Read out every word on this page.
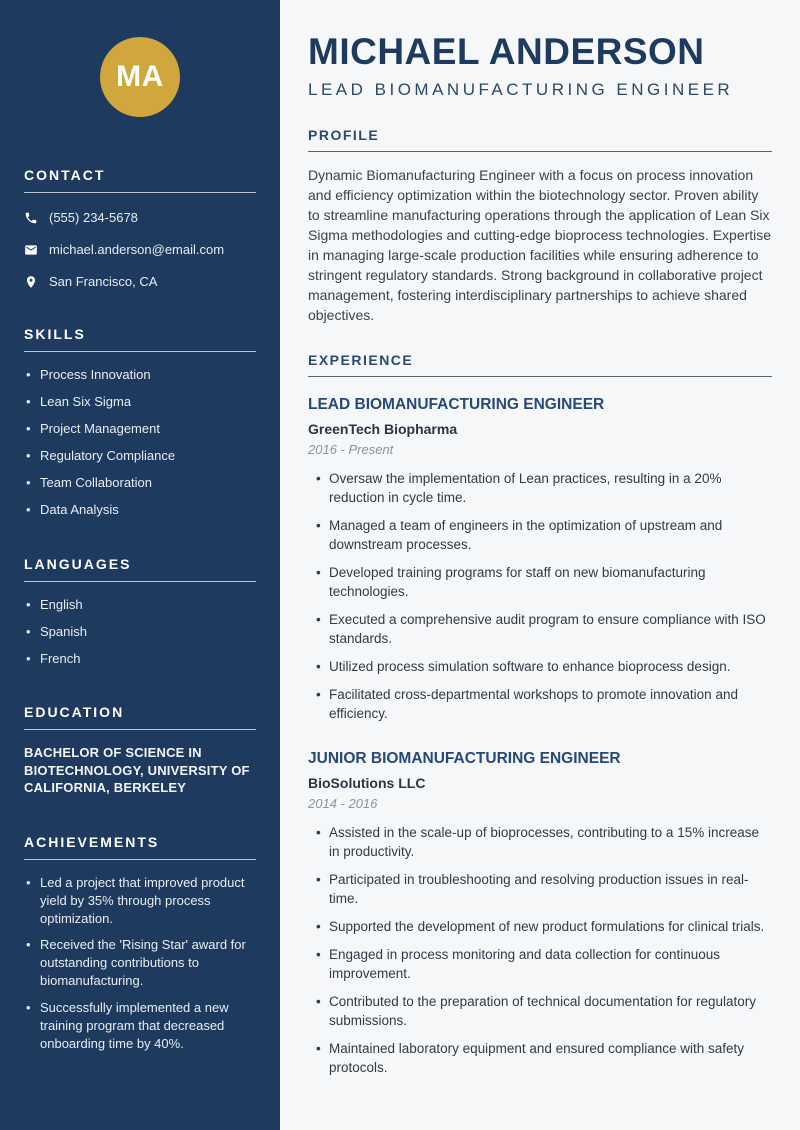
MA
CONTACT
(555) 234-5678
michael.anderson@email.com
San Francisco, CA
SKILLS
• Process Innovation
• Lean Six Sigma
• Project Management
• Regulatory Compliance
• Team Collaboration
• Data Analysis
LANGUAGES
• English
• Spanish
• French
EDUCATION
BACHELOR OF SCIENCE IN BIOTECHNOLOGY, UNIVERSITY OF CALIFORNIA, BERKELEY
ACHIEVEMENTS
• Led a project that improved product yield by 35% through process optimization.
• Received the 'Rising Star' award for outstanding contributions to biomanufacturing.
• Successfully implemented a new training program that decreased onboarding time by 40%.
MICHAEL ANDERSON
LEAD BIOMANUFACTURING ENGINEER
PROFILE

Dynamic Biomanufacturing Engineer with a focus on process innovation and efficiency optimization within the biotechnology sector. Proven ability to streamline manufacturing operations through the application of Lean Six Sigma methodologies and cutting-edge bioprocess technologies. Expertise in managing large-scale production facilities while ensuring adherence to stringent regulatory standards. Strong background in collaborative project management, fostering interdisciplinary partnerships to achieve shared objectives.

EXPERIENCE
LEAD BIOMANUFACTURING ENGINEER
GreenTech Biopharma
2016 - Present
• Oversaw the implementation of Lean practices, resulting in a 20% reduction in cycle time.
• Managed a team of engineers in the optimization of upstream and downstream processes.
• Developed training programs for staff on new biomanufacturing technologies.
• Executed a comprehensive audit program to ensure compliance with ISO standards.
• Utilized process simulation software to enhance bioprocess design.
• Facilitated cross-departmental workshops to promote innovation and efficiency.
JUNIOR BIOMANUFACTURING ENGINEER
BioSolutions LLC
2014 - 2016
• Assisted in the scale-up of bioprocesses, contributing to a 15% increase in productivity.
• Participated in troubleshooting and resolving production issues in real-time.
• Supported the development of new product formulations for clinical trials.
• Engaged in process monitoring and data collection for continuous improvement.
• Contributed to the preparation of technical documentation for regulatory submissions.
• Maintained laboratory equipment and ensured compliance with safety protocols.
